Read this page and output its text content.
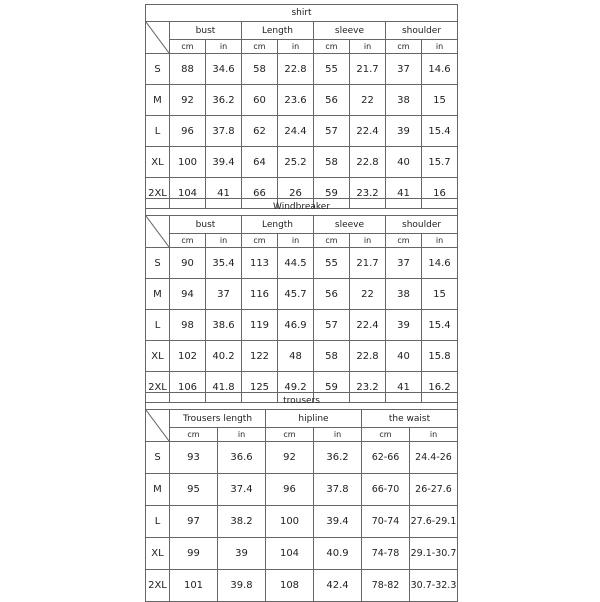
shirt								

	bust		Length		sleeve		shoulder	
	cm	in	cm	in	cm	in	cm	in
S	88	34.6	58	22.8	55	21.7	37	14.6
M	92	36.2	60	23.6	56	22	38	15
L	96	37.8	62	24.4	57	22.4	39	15.4
XL	100	39.4	64	25.2	58	22.8	40	15.7
2XL	104	41	66	26	59	23.2	41	16
Windbreaker								

	bust		Length		sleeve		shoulder	
	cm	in	cm	in	cm	in	cm	in
S	90	35.4	113	44.5	55	21.7	37	14.6
M	94	37	116	45.7	56	22	38	15
L	98	38.6	119	46.9	57	22.4	39	15.4
XL	102	40.2	122	48	58	22.8	40	15.8
2XL	106	41.8	125	49.2	59	23.2	41	16.2
trousers						

	Trousers length		hipline		the waist	
	cm	in	cm	in	cm	in
S	93	36.6	92	36.2	62-66	24.4-26
M	95	37.4	96	37.8	66-70	26-27.6
L	97	38.2	100	39.4	70-74	27.6-29.1
XL	99	39	104	40.9	74-78	29.1-30.7
2XL	101	39.8	108	42.4	78-82	30.7-32.3
